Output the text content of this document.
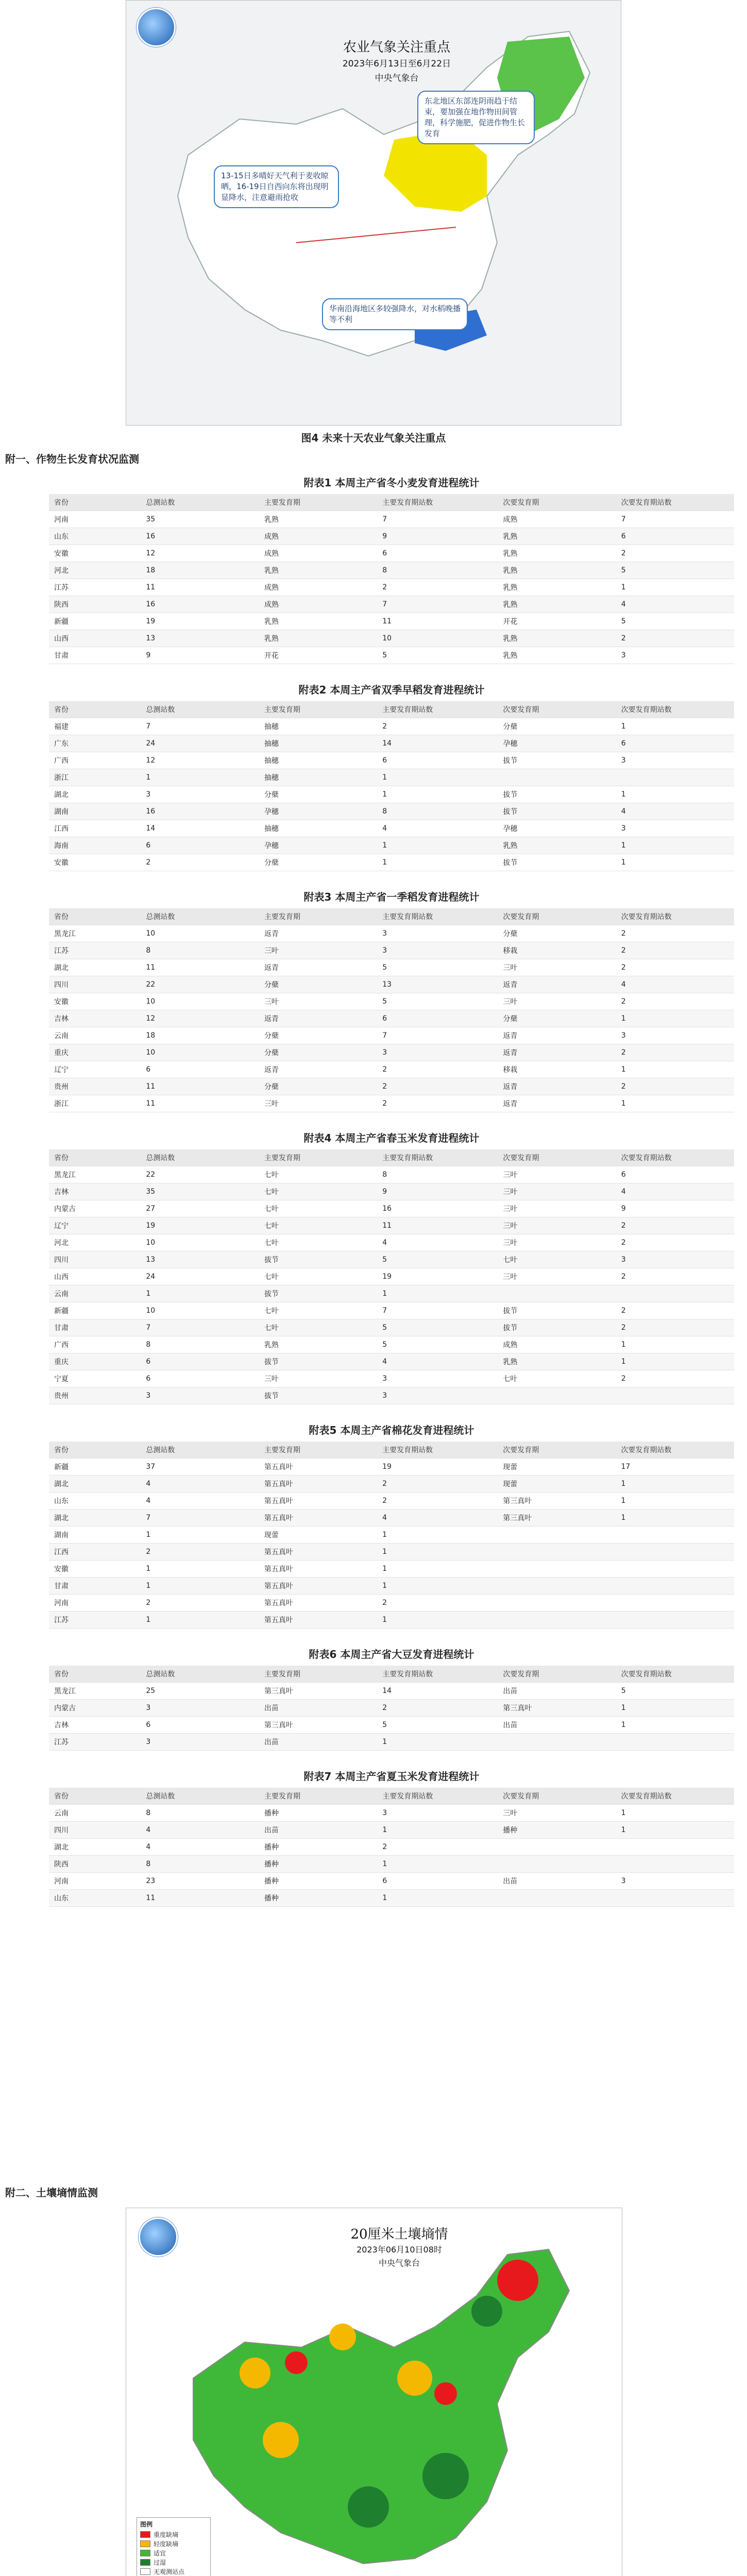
农业气象关注重点
2023年6月13日至6月22日
中央气象台
东北地区东部连阴雨趋于结束，要加强在地作物田间管理，科学施肥，促进作物生长发育
13-15日多晴好天气利于麦收晾晒，16-19日自西向东将出现明显降水，注意避雨抢收
华南沿海地区多较强降水，对水稻晚播等不利
图4 未来十天农业气象关注重点
附一、作物生长发育状况监测
附表1 本周主产省冬小麦发育进程统计
省份	总测站数	主要发育期	主要发育期站数	次要发育期	次要发育期站数
河南	35	乳熟	7	成熟	7
山东	16	成熟	9	乳熟	6
安徽	12	成熟	6	乳熟	2
河北	18	乳熟	8	乳熟	5
江苏	11	成熟	2	乳熟	1
陕西	16	成熟	7	乳熟	4
新疆	19	乳熟	11	开花	5
山西	13	乳熟	10	乳熟	2
甘肃	9	开花	5	乳熟	3
附表2 本周主产省双季早稻发育进程统计
省份	总测站数	主要发育期	主要发育期站数	次要发育期	次要发育期站数
福建	7	抽穗	2	分蘖	1
广东	24	抽穗	14	孕穗	6
广西	12	抽穗	6	拔节	3
浙江	1	抽穗	1		
湖北	3	分蘖	1	拔节	1
湖南	16	孕穗	8	拔节	4
江西	14	抽穗	4	孕穗	3
海南	6	孕穗	1	乳熟	1
安徽	2	分蘖	1	拔节	1
附表3 本周主产省一季稻发育进程统计
省份	总测站数	主要发育期	主要发育期站数	次要发育期	次要发育期站数
黑龙江	10	返青	3	分蘖	2
江苏	8	三叶	3	移栽	2
湖北	11	返青	5	三叶	2
四川	22	分蘖	13	返青	4
安徽	10	三叶	5	三叶	2
吉林	12	返青	6	分蘖	1
云南	18	分蘖	7	返青	3
重庆	10	分蘖	3	返青	2
辽宁	6	返青	2	移栽	1
贵州	11	分蘖	2	返青	2
浙江	11	三叶	2	返青	1
附表4 本周主产省春玉米发育进程统计
省份	总测站数	主要发育期	主要发育期站数	次要发育期	次要发育期站数
黑龙江	22	七叶	8	三叶	6
吉林	35	七叶	9	三叶	4
内蒙古	27	七叶	16	三叶	9
辽宁	19	七叶	11	三叶	2
河北	10	七叶	4	三叶	2
四川	13	拔节	5	七叶	3
山西	24	七叶	19	三叶	2
云南	1	拔节	1		
新疆	10	七叶	7	拔节	2
甘肃	7	七叶	5	拔节	2
广西	8	乳熟	5	成熟	1
重庆	6	拔节	4	乳熟	1
宁夏	6	三叶	3	七叶	2
贵州	3	拔节	3		
附表5 本周主产省棉花发育进程统计
省份	总测站数	主要发育期	主要发育期站数	次要发育期	次要发育期站数
新疆	37	第五真叶	19	现蕾	17
湖北	4	第五真叶	2	现蕾	1
山东	4	第五真叶	2	第三真叶	1
湖北	7	第五真叶	4	第三真叶	1
湖南	1	现蕾	1		
江西	2	第五真叶	1		
安徽	1	第五真叶	1		
甘肃	1	第五真叶	1		
河南	2	第五真叶	2		
江苏	1	第五真叶	1		
附表6 本周主产省大豆发育进程统计
省份	总测站数	主要发育期	主要发育期站数	次要发育期	次要发育期站数
黑龙江	25	第三真叶	14	出苗	5
内蒙古	3	出苗	2	第三真叶	1
吉林	6	第三真叶	5	出苗	1
江苏	3	出苗	1		
附表7 本周主产省夏玉米发育进程统计
省份	总测站数	主要发育期	主要发育期站数	次要发育期	次要发育期站数
云南	8	播种	3	三叶	1
四川	4	出苗	1	播种	1
湖北	4	播种	2		
陕西	8	播种	1		
河南	23	播种	6	出苗	3
山东	11	播种	1		
附二、土壤墒情监测
20厘米土壤墒情
2023年06月10日08时
中央气象台
图例
重度缺墒
轻度缺墒
适宜
过湿
无观测站点
